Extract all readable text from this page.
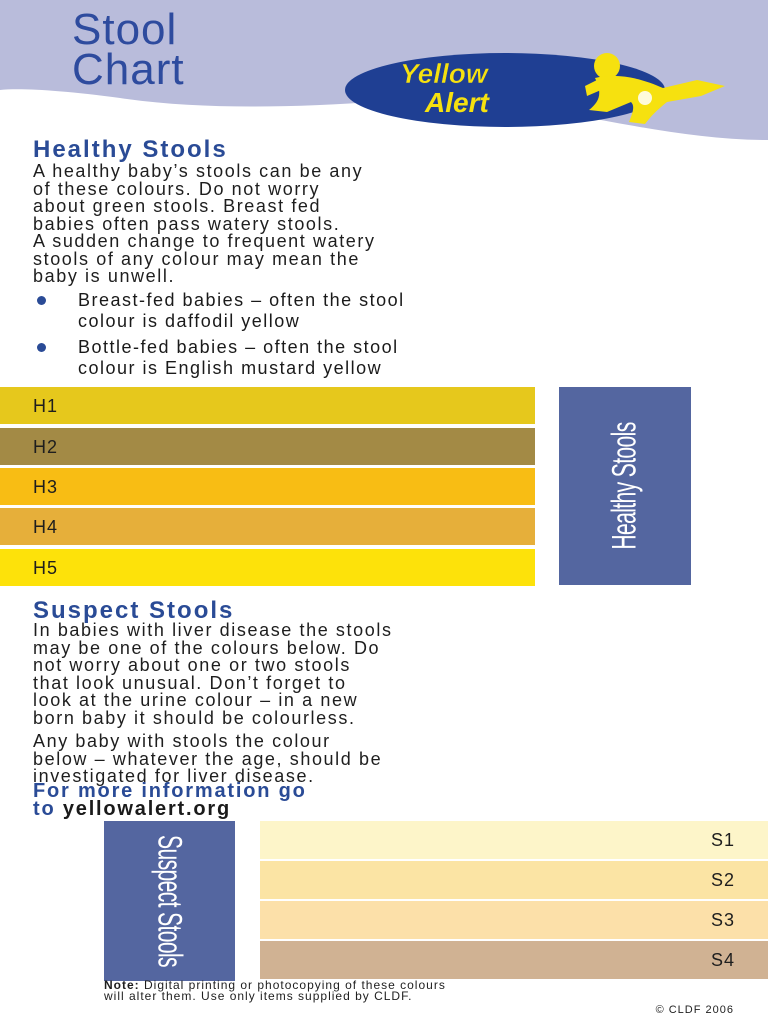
Stool
Chart	Yellow
Alert
Healthy Stools

A healthy baby’s stools can be any

of these colours. Do not worry

about green stools. Breast fed

babies often pass watery stools.

A sudden change to frequent watery

stools of any colour may mean the

baby is unwell.

Breast-fed babies – often the stool
colour is daffodil yellow
Bottle-fed babies – often the stool
colour is English mustard yellow
H1
H2
H3
H4
H5
Healthy Stools
Suspect Stools

In babies with liver disease the stools

may be one of the colours below. Do

not worry about one or two stools

that look unusual. Don’t forget to

look at the urine colour – in a new

born baby it should be colourless.

Any baby with stools the colour

below – whatever the age, should be

investigated for liver disease.

For more information go
to yellowalert.org
Suspect Stools	S1
S2
S3
S4
Note: Digital printing or photocopying of these colours
will alter them. Use only items supplied by CLDF.
© CLDF 2006
